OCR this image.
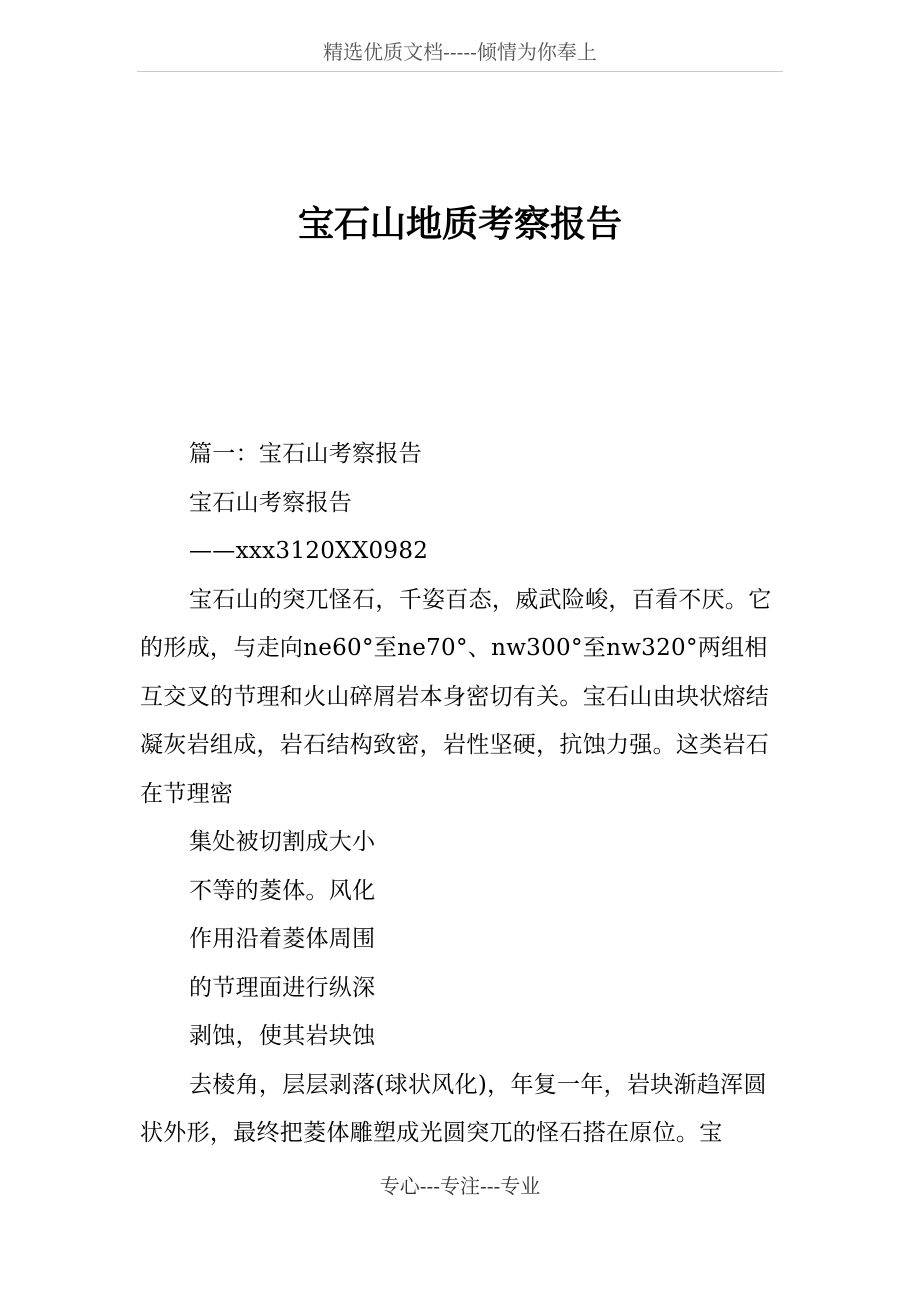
精选优质文档-----倾情为你奉上
宝石山地质考察报告

篇一：宝石山考察报告

宝石山考察报告

——xxx3120XX0982

宝石山的突兀怪石，千姿百态，威武险峻，百看不厌。它的形成，与走向ne60°至ne70°、nw300°至nw320°两组相互交叉的节理和火山碎屑岩本身密切有关。宝石山由块状熔结凝灰岩组成，岩石结构致密，岩性坚硬，抗蚀力强。这类岩石在节理密

集处被切割成大小

不等的菱体。风化

作用沿着菱体周围

的节理面进行纵深

剥蚀，使其岩块蚀

去棱角，层层剥落(球状风化)，年复一年，岩块渐趋浑圆状外形，最终把菱体雕塑成光圆突兀的怪石搭在原位。宝

专心---专注---专业
